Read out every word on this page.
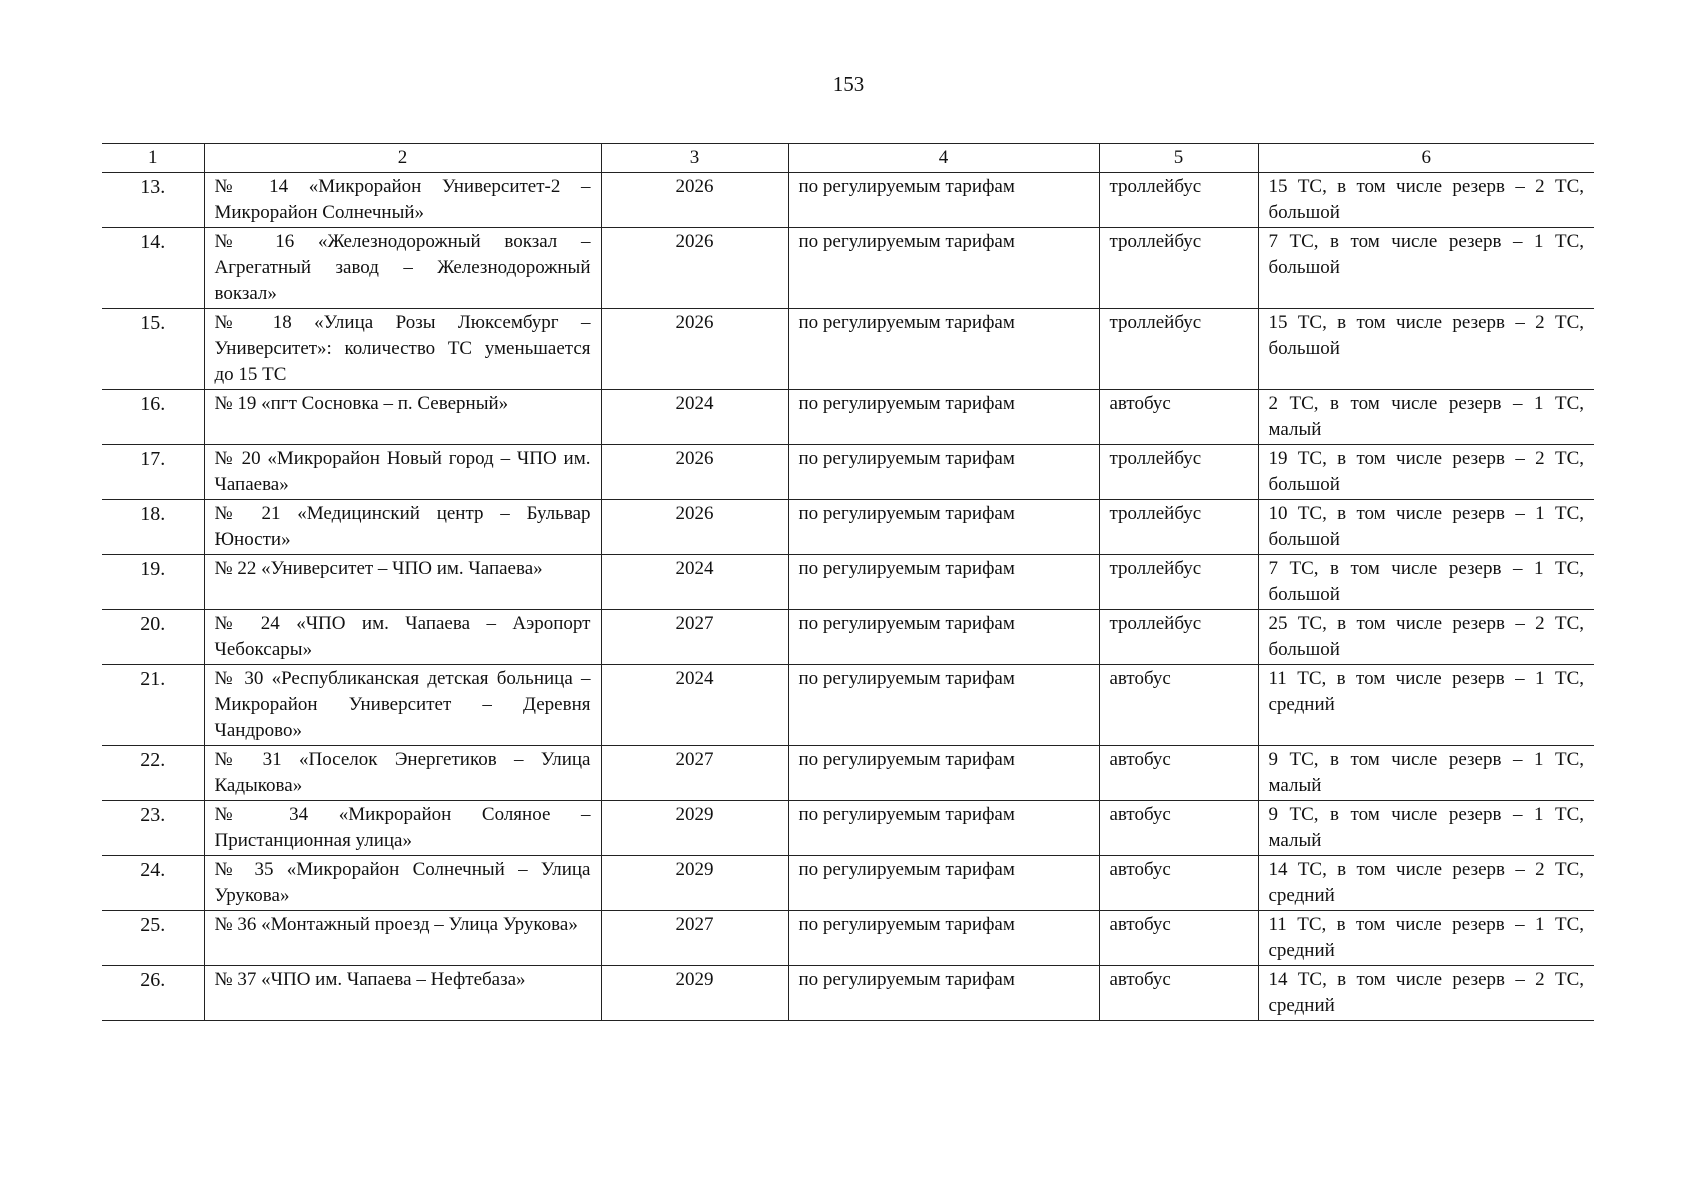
153
1	2	3	4	5	6
13.	№ 14 «Микрорайон Университет-2 – Микрорайон Солнечный»	2026	по регулируемым тарифам	троллейбус	15 ТС, в том числе резерв – 2 ТС, большой
14.	№ 16 «Железнодорожный вокзал – Агрегатный завод – Железнодорожный вокзал»	2026	по регулируемым тарифам	троллейбус	7 ТС, в том числе резерв – 1 ТС, большой
15.	№ 18 «Улица Розы Люксембург – Университет»: количество ТС уменьшается до 15 ТС	2026	по регулируемым тарифам	троллейбус	15 ТС, в том числе резерв – 2 ТС, большой
16.	№ 19 «пгт Сосновка – п. Северный»	2024	по регулируемым тарифам	автобус	2 ТС, в том числе резерв – 1 ТС, малый
17.	№ 20 «Микрорайон Новый город – ЧПО им. Чапаева»	2026	по регулируемым тарифам	троллейбус	19 ТС, в том числе резерв – 2 ТС, большой
18.	№ 21 «Медицинский центр – Бульвар Юности»	2026	по регулируемым тарифам	троллейбус	10 ТС, в том числе резерв – 1 ТС, большой
19.	№ 22 «Университет – ЧПО им. Чапаева»	2024	по регулируемым тарифам	троллейбус	7 ТС, в том числе резерв – 1 ТС, большой
20.	№ 24 «ЧПО им. Чапаева – Аэропорт Чебоксары»	2027	по регулируемым тарифам	троллейбус	25 ТС, в том числе резерв – 2 ТС, большой
21.	№ 30 «Республиканская детская больница – Микрорайон Университет – Деревня Чандрово»	2024	по регулируемым тарифам	автобус	11 ТС, в том числе резерв – 1 ТС, средний
22.	№ 31 «Поселок Энергетиков – Улица Кадыкова»	2027	по регулируемым тарифам	автобус	9 ТС, в том числе резерв – 1 ТС, малый
23.	№ 34 «Микрорайон Соляное – Пристанционная улица»	2029	по регулируемым тарифам	автобус	9 ТС, в том числе резерв – 1 ТС, малый
24.	№ 35 «Микрорайон Солнечный – Улица Урукова»	2029	по регулируемым тарифам	автобус	14 ТС, в том числе резерв – 2 ТС, средний
25.	№ 36 «Монтажный проезд – Улица Урукова»	2027	по регулируемым тарифам	автобус	11 ТС, в том числе резерв – 1 ТС, средний
26.	№ 37 «ЧПО им. Чапаева – Нефтебаза»	2029	по регулируемым тарифам	автобус	14 ТС, в том числе резерв – 2 ТС, средний
